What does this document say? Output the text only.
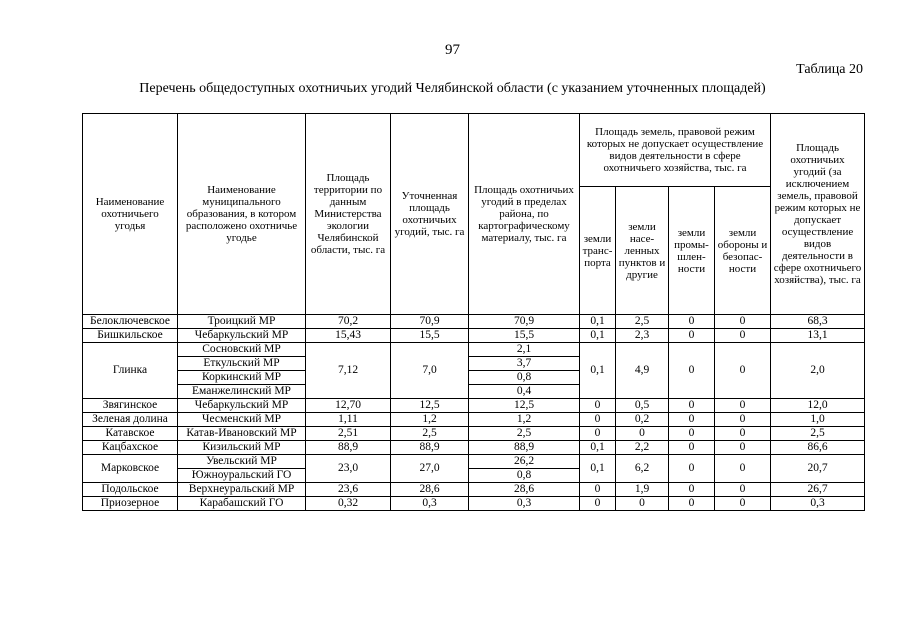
97
Таблица 20
Перечень общедоступных охотничьих угодий Челябинской области (с указанием уточненных площадей)
Наименование охотничьего угодья	Наименование муниципального образования, в котором расположено охотничье угодье	Площадь территории по данным Министерства экологии Челябинской области, тыс. га	Уточненная площадь охотничьих угодий, тыс. га	Площадь охотничьих угодий в пределах района, по картографическому материалу, тыс. га	Площадь земель, правовой режим которых не допускает осуществление видов деятельности в сфере охотничьего хозяйства, тыс. га				Площадь охотничьих угодий (за исключением земель, правовой режим которых не допускает осуществление видов деятельности в сфере охотничьего хозяйства), тыс. га
					земли транс-порта	земли насе-ленных пунктов и другие	земли промы-шлен-ности	земли обороны и безопас-ности	
Белоключевское	Троицкий МР	70,2	70,9	70,9	0,1	2,5	0	0	68,3
Бишкильское	Чебаркульский МР	15,43	15,5	15,5	0,1	2,3	0	0	13,1
Глинка	Сосновский МР	7,12	7,0	2,1	0,1	4,9	0	0	2,0
	Еткульский МР			3,7					
	Коркинский МР			0,8					
	Еманжелинский МР			0,4					
Звягинское	Чебаркульский МР	12,70	12,5	12,5	0	0,5	0	0	12,0
Зеленая долина	Чесменский МР	1,11	1,2	1,2	0	0,2	0	0	1,0
Катавское	Катав-Ивановский МР	2,51	2,5	2,5	0	0	0	0	2,5
Кацбахское	Кизильский МР	88,9	88,9	88,9	0,1	2,2	0	0	86,6
Марковское	Увельский МР	23,0	27,0	26,2	0,1	6,2	0	0	20,7
	Южноуральский ГО			0,8					
Подольское	Верхнеуральский МР	23,6	28,6	28,6	0	1,9	0	0	26,7
Приозерное	Карабашский ГО	0,32	0,3	0,3	0	0	0	0	0,3
